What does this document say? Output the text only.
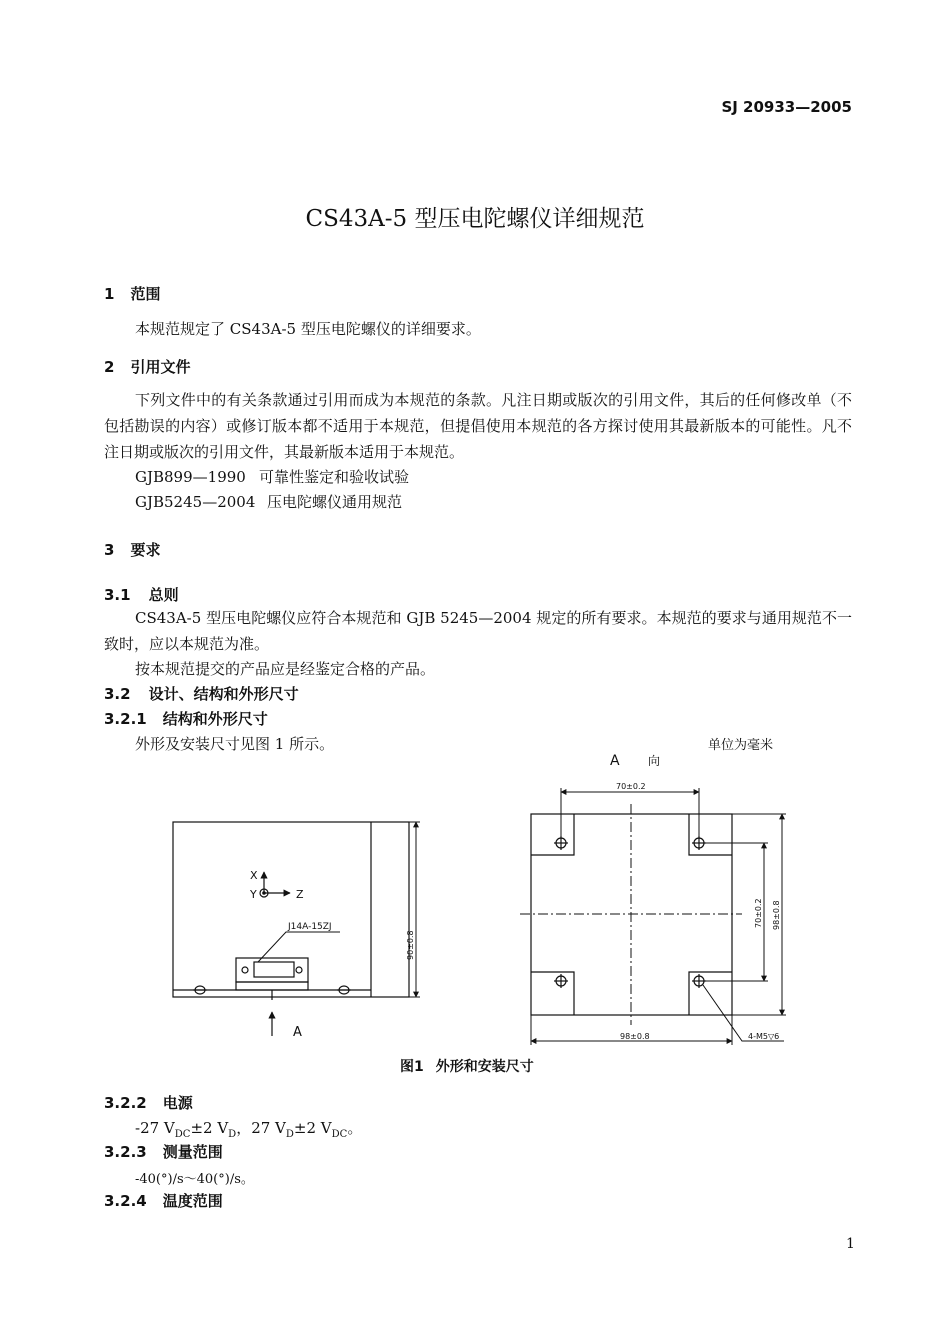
SJ 20933—2005
CS43A-5 型压电陀螺仪详细规范
1 范围
本规范规定了 CS43A-5 型压电陀螺仪的详细要求。
2 引用文件
下列文件中的有关条款通过引用而成为本规范的条款。凡注日期或版次的引用文件，其后的任何修改单（不包括勘误的内容）或修订版本都不适用于本规范，但提倡使用本规范的各方探讨使用其最新版本的可能性。凡不注日期或版次的引用文件，其最新版本适用于本规范。
GJB899—1990 可靠性鉴定和验收试验
GJB5245—2004 压电陀螺仪通用规范
3 要求
3.1 总则
CS43A-5 型压电陀螺仪应符合本规范和 GJB 5245—2004 规定的所有要求。本规范的要求与通用规范不一致时，应以本规范为准。
按本规范提交的产品应是经鉴定合格的产品。
3.2 设计、结构和外形尺寸
3.2.1 结构和外形尺寸
外形及安装尺寸见图 1 所示。	单位为毫米
X
Y	Z
J14A-15ZJ
90±0.8
A
A 向
70±0.2
70±0.2 98±0.8
98±0.8	4-M5▽6
图1 外形和安装尺寸
3.2.2 电源
-27 $V_{DC}\pm 2$ $V_D$，27 $V_D\pm 2$ $V_{DC}$。
3.2.3 测量范围
-40(°)/s～40(°)/s。
3.2.4 温度范围
1
